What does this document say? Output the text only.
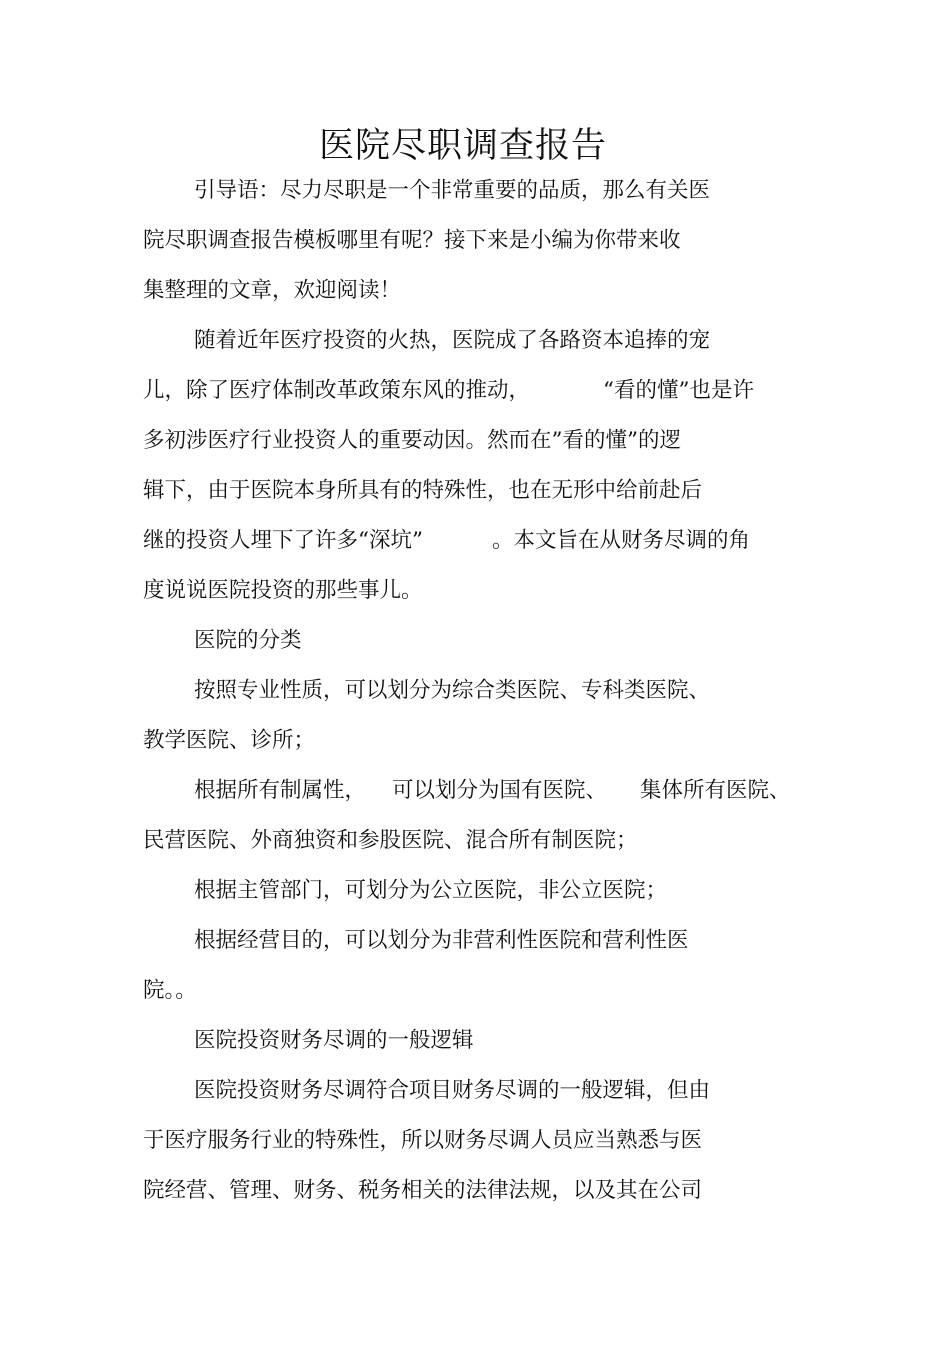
医院尽职调查报告
引导语：尽力尽职是一个非常重要的品质，那么有关医
院尽职调查报告模板哪里有呢？接下来是小编为你带来收
集整理的文章，欢迎阅读！
随着近年医疗投资的火热，医院成了各路资本追捧的宠
儿，除了医疗体制改革政策东风的推动，	“看的懂”也是许
多初涉医疗行业投资人的重要动因。然而在”看的懂”的逻
辑下，由于医院本身所具有的特殊性，也在无形中给前赴后
继的投资人埋下了许多“深坑”	。本文旨在从财务尽调的角
度说说医院投资的那些事儿。
医院的分类
按照专业性质，可以划分为综合类医院、专科类医院、
教学医院、诊所；
根据所有制属性， 可以划分为国有医院、 集体所有医院、
民营医院、外商独资和参股医院、混合所有制医院；
根据主管部门，可划分为公立医院，非公立医院；
根据经营目的，可以划分为非营利性医院和营利性医
院。。
医院投资财务尽调的一般逻辑
医院投资财务尽调符合项目财务尽调的一般逻辑，但由
于医疗服务行业的特殊性，所以财务尽调人员应当熟悉与医
院经营、管理、财务、税务相关的法律法规，以及其在公司
